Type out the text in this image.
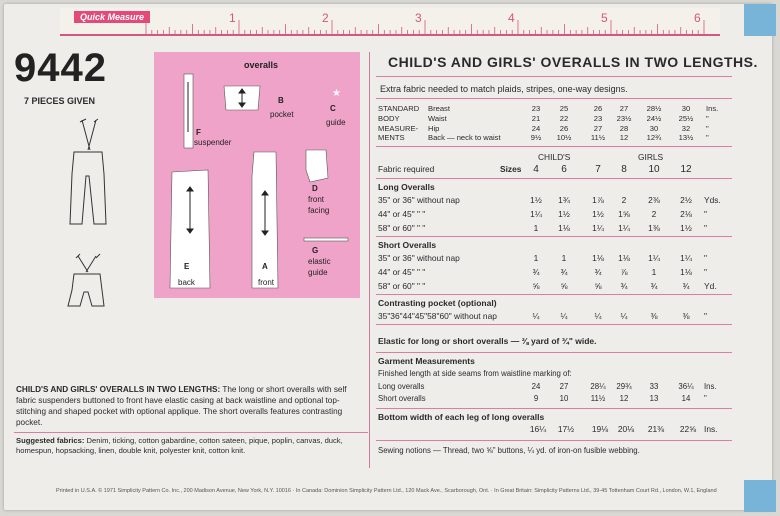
1	2	3	4	5	6
Quick Measure
9442
7 PIECES GIVEN
overalls
★
B
pocket
C
guide
F
suspender
D
front facing
G
elastic guide
E
back
A
front
CHILD'S AND GIRLS' OVERALLS IN TWO LENGTHS.
Extra fabric needed to match plaids, stripes, one-way designs.
STANDARD
BODY
MEASURE-
MENTS
Breast	23	25	26	27	28½	30	Ins.
Waist	21	22	23	23½	24½	25½	"
Hip	24	26	27	28	30	32	"
Back — neck to waist	9½	10½	11½	12	12¾	13½	"
CHILD'S	GIRLS
Fabric required	Sizes	4	6	7	8	10	12
Long Overalls
35" or 36" without nap	1½	1¾	1⅞	2	2⅜	2½	Yds.
44" or 45" " "	1¼	1½	1½	1⅝	2	2⅛	"
58" or 60" " "	1	1⅛	1¼	1¼	1⅜	1½	"
Short Overalls
35" or 36" without nap	1	1	1⅛	1⅛	1¼	1¼	"
44" or 45" " "	¾	¾	¾	⅞	1	1⅛	"
58" or 60" " "	⅝	⅝	⅝	¾	¾	¾	Yd.
Contrasting pocket (optional)
35"36"44"45"58"60" without nap	¼	¼	¼	¼	⅜	⅜	"
Elastic for long or short overalls — ⅜ yard of ¾" wide.
Garment Measurements
Finished length at side seams from waistline marking of:
Long overalls	24	27	28¼	29¾	33	36¼	Ins.
Short overalls	9	10	11½	12	13	14	"
Bottom width of each leg of long overalls
16¼	17½	19⅛	20⅛	21⅜	22⅝ Ins.
Sewing notions — Thread, two ⅝" buttons, ¼ yd. of iron-on fusible webbing.
CHILD'S AND GIRLS' OVERALLS IN TWO LENGTHS: The long or short overalls with self fabric suspenders buttoned to front have elastic casing at back waistline and optional top-stitching and shaped pocket with optional applique. The short overalls features contrasting pocket.
Suggested fabrics: Denim, ticking, cotton gabardine, cotton sateen, pique, poplin, canvas, duck, homespun, hopsacking, linen, double knit, polyester knit, cotton knit.
Printed in U.S.A. © 1971 Simplicity Pattern Co. Inc., 200 Madison Avenue, New York, N.Y. 10016 · In Canada: Dominion Simplicity Pattern Ltd., 120 Mack Ave., Scarborough, Ont. · In Great Britain: Simplicity Patterns Ltd., 39-45 Tottenham Court Rd., London, W.1, England
